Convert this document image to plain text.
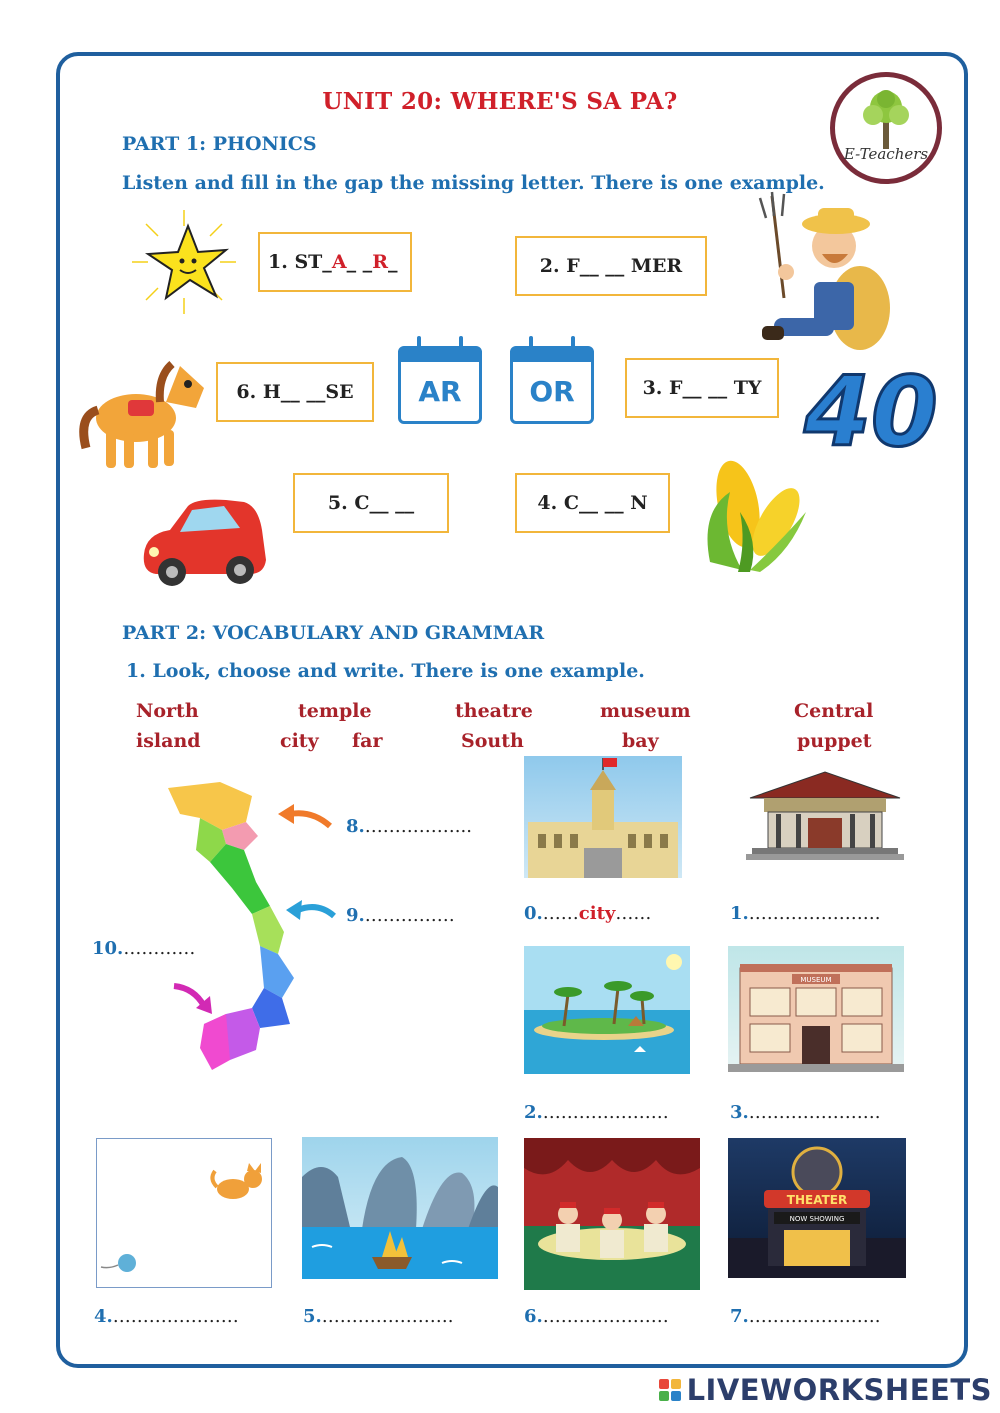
UNIT 20: WHERE'S SA PA?
E-Teachers
PART 1: PHONICS
Listen and fill in the gap the missing letter. There is one example.
1. ST_ A _ _ R _	2. F__ __ MER
6. H__ __SE	AR OR	3. F__ __ TY 40
5. C__ __	4. C__ __ N
PART 2: VOCABULARY AND GRAMMAR
1. Look, choose and write. There is one example.
North	temple	theatre	museum	Central
island	city far	South	bay	puppet
8.……………...
9.……………
10.…………
0.……city……	1.………………….
2.…………………
MUSEUM
3.………………….
4.…………………	5.………………….	6.…………………
THEATER
NOW SHOWING
7.………………….
LIVEWORKSHEETS
